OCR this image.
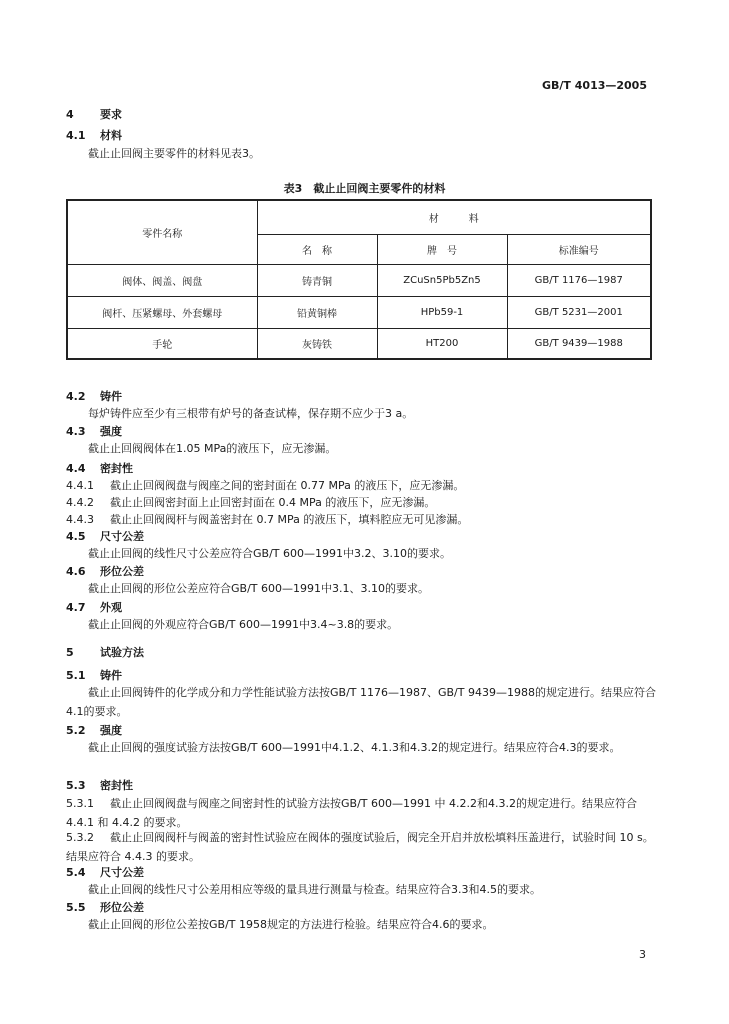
GB/T 4013—2005
4 要求
4.1 材料
截止止回阀主要零件的材料见表3。
表3　截止止回阀主要零件的材料
零件名称	材　　　料		
	名　称	牌　号	标准编号
阀体、阀盖、阀盘	铸青铜	ZCuSn5Pb5Zn5	GB/T 1176—1987
阀杆、压紧螺母、外套螺母	铅黄铜棒	HPb59-1	GB/T 5231—2001
手轮	灰铸铁	HT200	GB/T 9439—1988
4.2 铸件
每炉铸件应至少有三根带有炉号的备查试棒，保存期不应少于3 a。
4.3 强度
截止止回阀阀体在1.05 MPa的液压下，应无渗漏。
4.4 密封性
4.4.1 截止止回阀阀盘与阀座之间的密封面在 0.77 MPa 的液压下，应无渗漏。
4.4.2 截止止回阀密封面上止回密封面在 0.4 MPa 的液压下，应无渗漏。
4.4.3 截止止回阀阀杆与阀盖密封在 0.7 MPa 的液压下，填料腔应无可见渗漏。
4.5 尺寸公差
截止止回阀的线性尺寸公差应符合GB/T 600—1991中3.2、3.10的要求。
4.6 形位公差
截止止回阀的形位公差应符合GB/T 600—1991中3.1、3.10的要求。
4.7 外观
截止止回阀的外观应符合GB/T 600—1991中3.4~3.8的要求。
5 试验方法
5.1 铸件
截止止回阀铸件的化学成分和力学性能试验方法按GB/T 1176—1987、GB/T 9439—1988的规定进行。结果应符合4.1的要求。
5.2 强度
截止止回阀的强度试验方法按GB/T 600—1991中4.1.2、4.1.3和4.3.2的规定进行。结果应符合4.3的要求。
5.3 密封性
5.3.1 截止止回阀阀盘与阀座之间密封性的试验方法按GB/T 600—1991 中 4.2.2和4.3.2的规定进行。结果应符合 4.4.1 和 4.4.2 的要求。
5.3.2 截止止回阀阀杆与阀盖的密封性试验应在阀体的强度试验后，阀完全开启并放松填料压盖进行，试验时间 10 s。结果应符合 4.4.3 的要求。
5.4 尺寸公差
截止止回阀的线性尺寸公差用相应等级的量具进行测量与检查。结果应符合3.3和4.5的要求。
5.5 形位公差
截止止回阀的形位公差按GB/T 1958规定的方法进行检验。结果应符合4.6的要求。
3
